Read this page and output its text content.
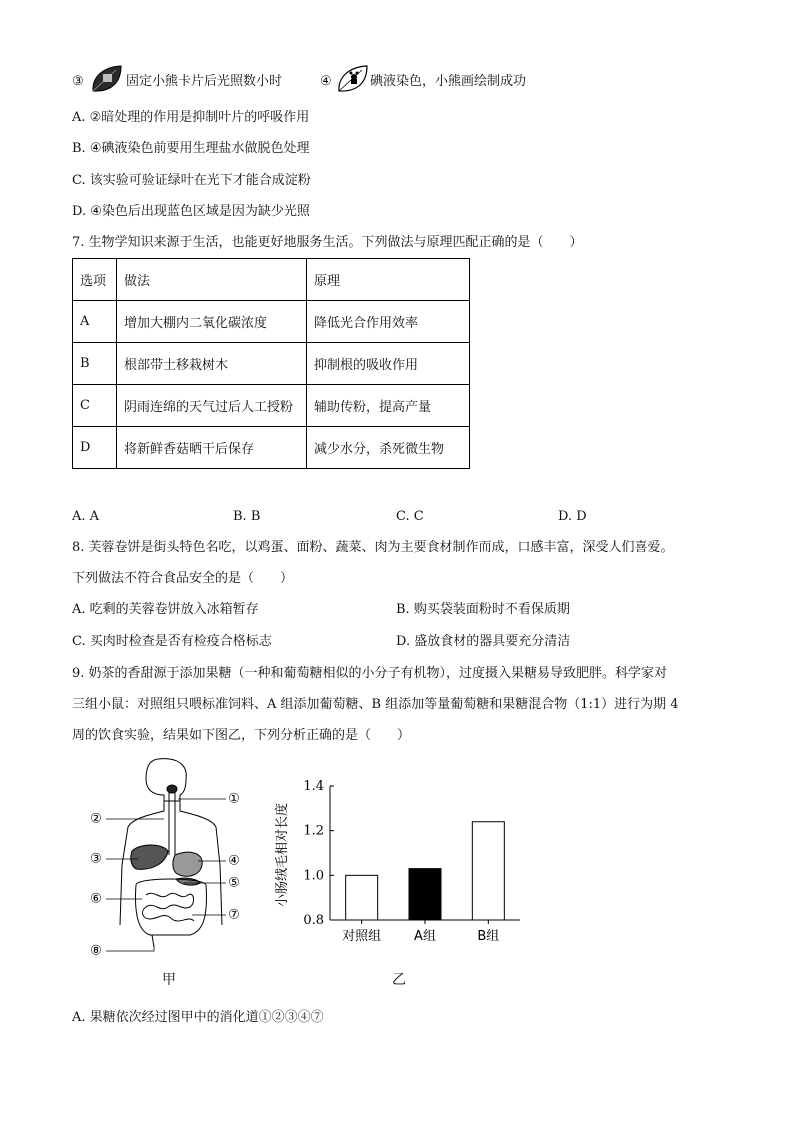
③	固定小熊卡片后光照数小时	④	碘液染色，小熊画绘制成功
A. ②暗处理的作用是抑制叶片的呼吸作用
B. ④碘液染色前要用生理盐水做脱色处理
C. 该实验可验证绿叶在光下才能合成淀粉
D. ④染色后出现蓝色区域是因为缺少光照
7. 生物学知识来源于生活，也能更好地服务生活。下列做法与原理匹配正确的是（　　）
选项	做法	原理
A	增加大棚内二氧化碳浓度	降低光合作用效率
B	根部带土移栽树木	抑制根的吸收作用
C	阴雨连绵的天气过后人工授粉	辅助传粉，提高产量
D	将新鲜香菇晒干后保存	减少水分，杀死微生物
A. A	B. B	C. C	D. D
8. 芙蓉卷饼是街头特色名吃，以鸡蛋、面粉、蔬菜、肉为主要食材制作而成，口感丰富，深受人们喜爱。
下列做法不符合食品安全的是（　　）
A. 吃剩的芙蓉卷饼放入冰箱暂存	B. 购买袋装面粉时不看保质期
C. 买肉时检查是否有检疫合格标志	D. 盛放食材的器具要充分清洁
9. 奶茶的香甜源于添加果糖（一种和葡萄糖相似的小分子有机物），过度摄入果糖易导致肥胖。科学家对
三组小鼠：对照组只喂标准饲料、A 组添加葡萄糖、B 组添加等量葡萄糖和果糖混合物（1:1）进行为期 4
周的饮食实验，结果如下图乙，下列分析正确的是（　　）
①
②
③	④
⑤
⑥
⑦
⑧
甲
小肠绒毛相对长度
0.8
1.0
1.2
1.4
对照组	A组	B组
乙
A. 果糖依次经过图甲中的消化道①②③④⑦
